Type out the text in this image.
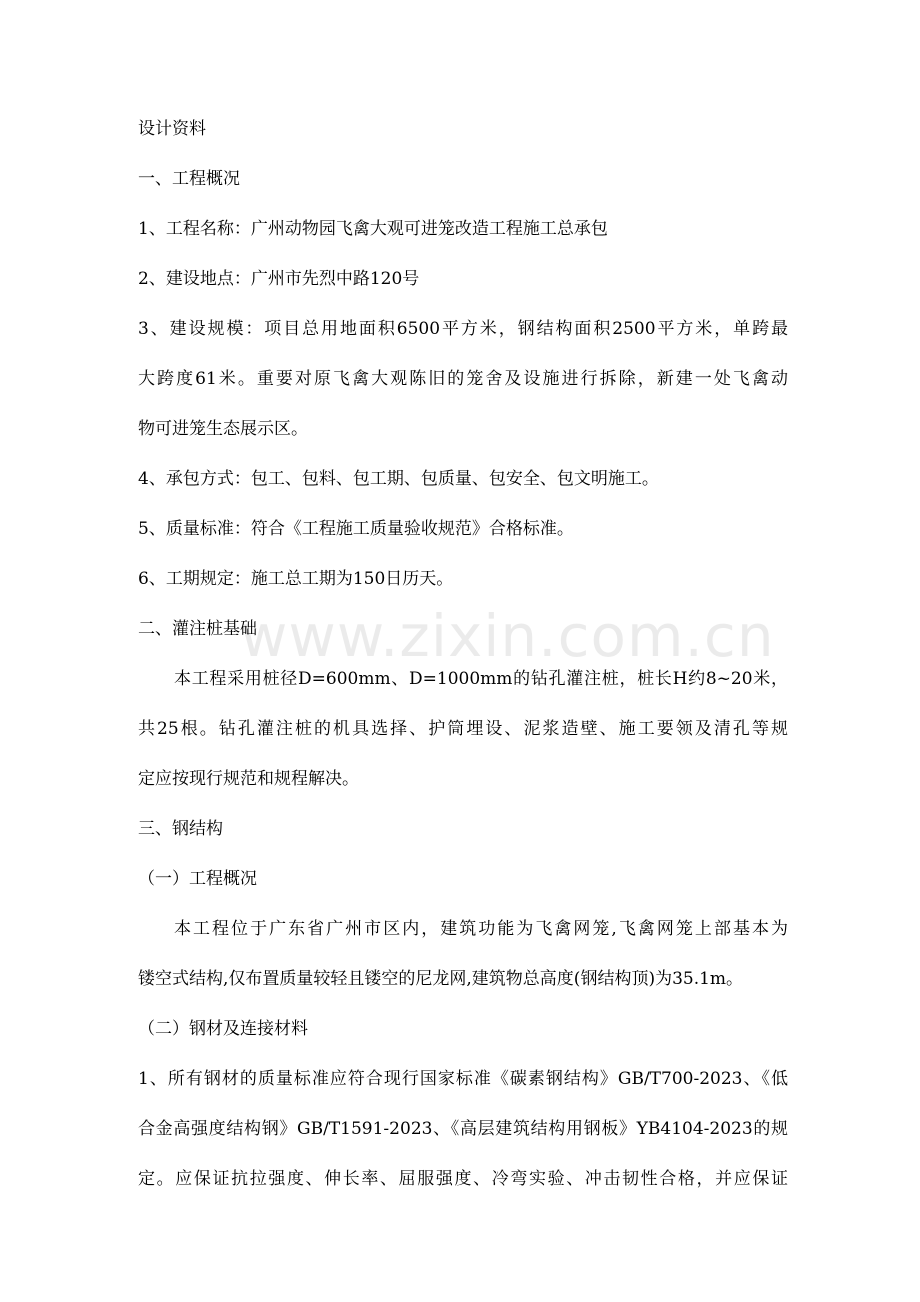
设计资料
一、工程概况
1、工程名称：广州动物园飞禽大观可进笼改造工程施工总承包
2、建设地点：广州市先烈中路120号
3、建设规模：项目总用地面积6500平方米，钢结构面积2500平方米，单跨最
大跨度61米。重要对原飞禽大观陈旧的笼舍及设施进行拆除，新建一处飞禽动
物可进笼生态展示区。
4、承包方式：包工、包料、包工期、包质量、包安全、包文明施工。
5、质量标准：符合《工程施工质量验收规范》合格标准。
6、工期规定：施工总工期为150日历天。
二、灌注桩基础
本工程采用桩径D=600mm、D=1000mm的钻孔灌注桩，桩长H约8~20米，
共25根。钻孔灌注桩的机具选择、护筒埋设、泥浆造壁、施工要领及清孔等规
定应按现行规范和规程解决。
三、钢结构
（一）工程概况
本工程位于广东省广州市区内，建筑功能为飞禽网笼,飞禽网笼上部基本为
镂空式结构,仅布置质量较轻且镂空的尼龙网,建筑物总高度(钢结构顶)为35.1m。
（二）钢材及连接材料
1、所有钢材的质量标准应符合现行国家标准《碳素钢结构》GB/T700-2023、《低
合金高强度结构钢》GB/T1591-2023、《高层建筑结构用钢板》YB4104-2023的规
定。应保证抗拉强度、伸长率、屈服强度、冷弯实验、冲击韧性合格，并应保证
www.zixin.com.cn
